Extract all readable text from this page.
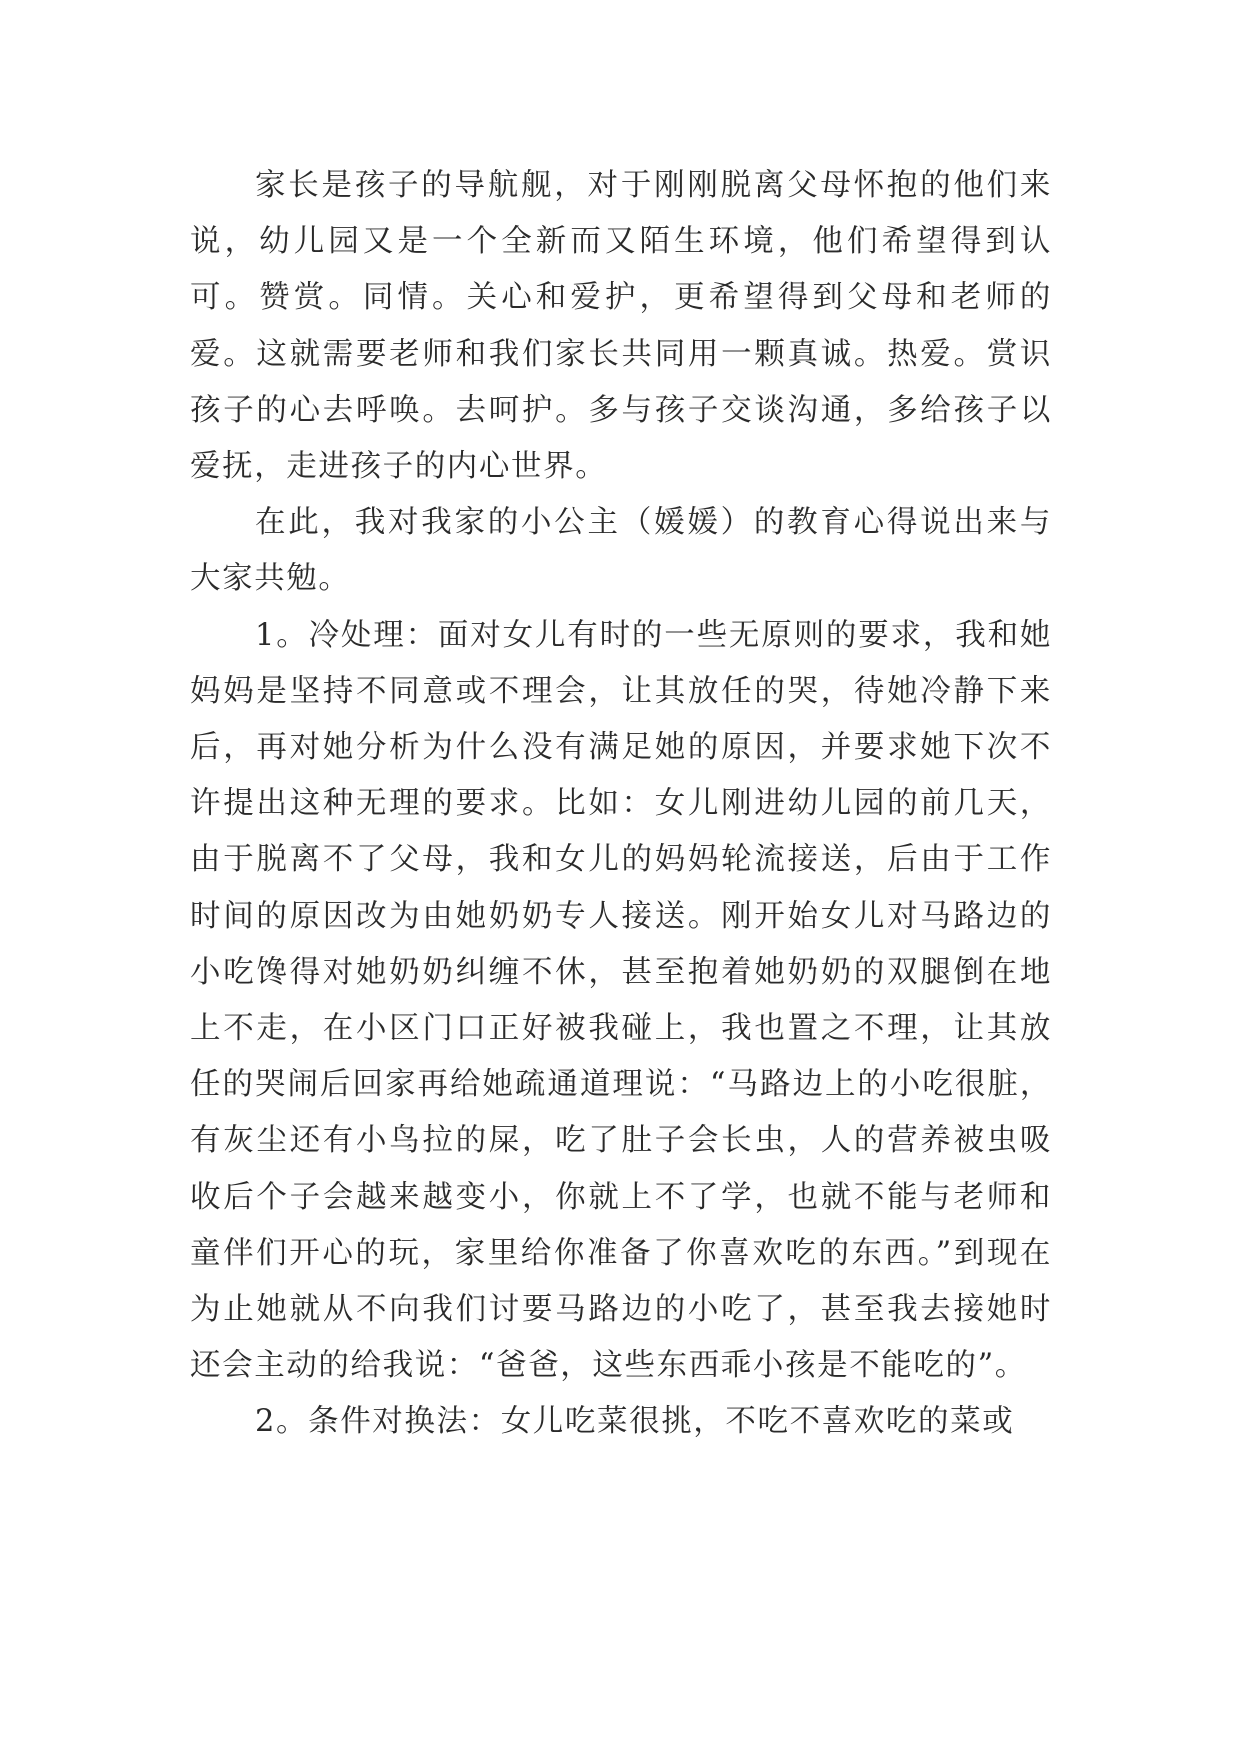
家长是孩子的导航舰，对于刚刚脱离父母怀抱的他们来说，幼儿园又是一个全新而又陌生环境，他们希望得到认可。赞赏。同情。关心和爱护，更希望得到父母和老师的爱。这就需要老师和我们家长共同用一颗真诚。热爱。赏识孩子的心去呼唤。去呵护。多与孩子交谈沟通，多给孩子以爱抚，走进孩子的内心世界。

在此，我对我家的小公主（媛媛）的教育心得说出来与大家共勉。

1。冷处理：面对女儿有时的一些无原则的要求，我和她妈妈是坚持不同意或不理会，让其放任的哭，待她冷静下来后，再对她分析为什么没有满足她的原因，并要求她下次不许提出这种无理的要求。比如：女儿刚进幼儿园的前几天，由于脱离不了父母，我和女儿的妈妈轮流接送，后由于工作时间的原因改为由她奶奶专人接送。刚开始女儿对马路边的小吃馋得对她奶奶纠缠不休，甚至抱着她奶奶的双腿倒在地上不走，在小区门口正好被我碰上，我也置之不理，让其放任的哭闹后回家再给她疏通道理说：“马路边上的小吃很脏，有灰尘还有小鸟拉的屎，吃了肚子会长虫，人的营养被虫吸收后个子会越来越变小，你就上不了学，也就不能与老师和童伴们开心的玩，家里给你准备了你喜欢吃的东西。”到现在为止她就从不向我们讨要马路边的小吃了，甚至我去接她时还会主动的给我说：“爸爸，这些东西乖小孩是不能吃的”。

2。条件对换法：女儿吃菜很挑，不吃不喜欢吃的菜或
